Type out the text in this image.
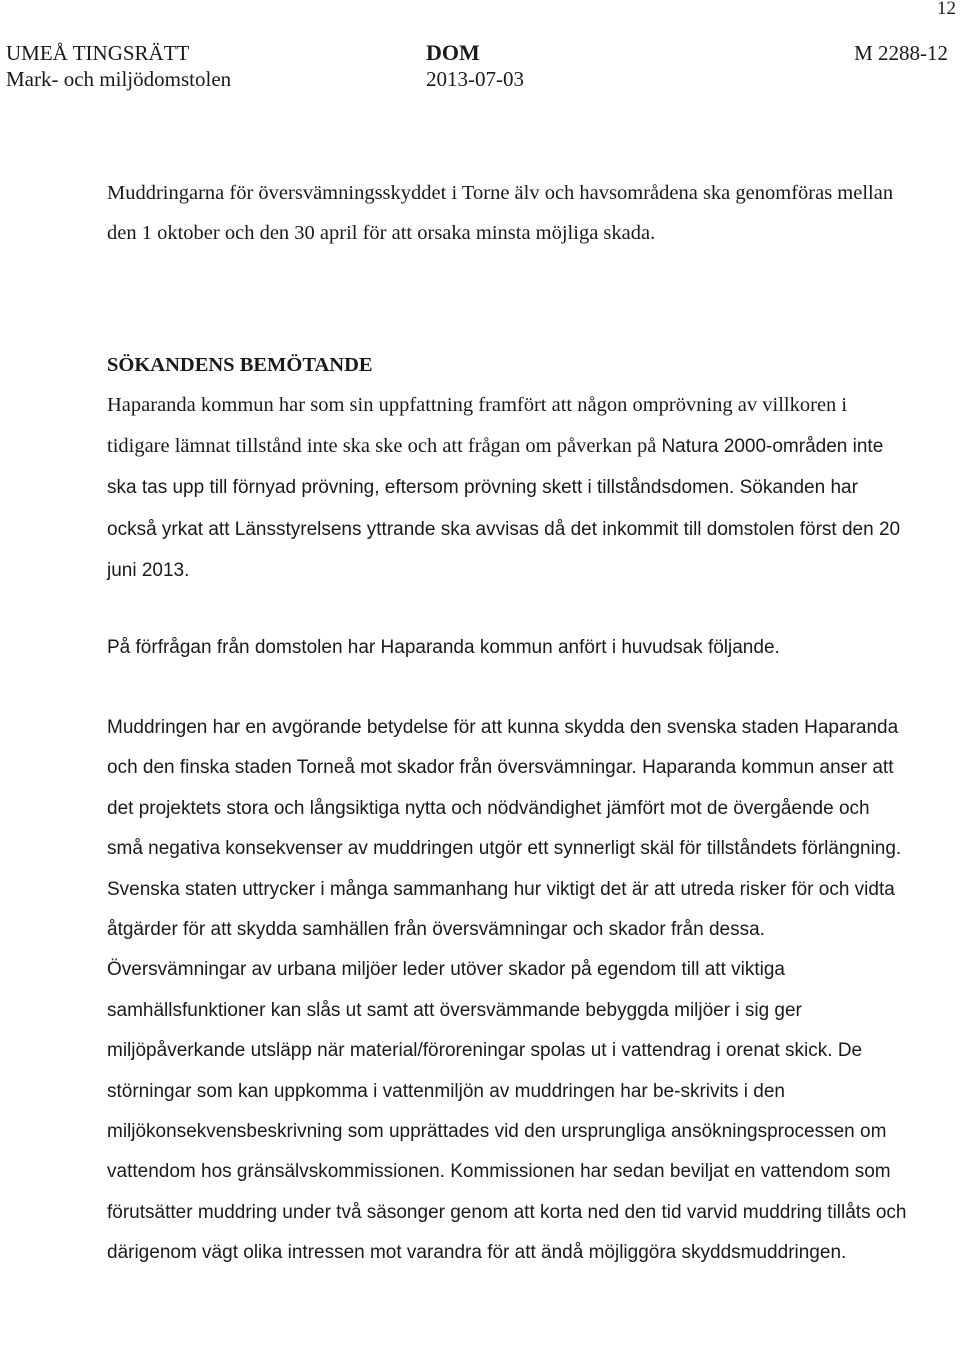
12
UMEÅ TINGSRÄTT
Mark- och miljödomstolen
DOM
2013-07-03
M 2288-12

Muddringarna för översvämningsskyddet i Torne älv och havsområdena ska genomföras mellan den 1 oktober och den 30 april för att orsaka minsta möjliga skada.

SÖKANDENS BEMÖTANDE

Haparanda kommun har som sin uppfattning framfört att någon omprövning av villkoren i tidigare lämnat tillstånd inte ska ske och att frågan om påverkan på Natura 2000-områden inte ska tas upp till förnyad prövning, eftersom prövning skett i tillståndsdomen. Sökanden har också yrkat att Länsstyrelsens yttrande ska avvisas då det inkommit till domstolen först den 20 juni 2013.

På förfrågan från domstolen har Haparanda kommun anfört i huvudsak följande.

Muddringen har en avgörande betydelse för att kunna skydda den svenska staden Haparanda och den finska staden Torneå mot skador från översvämningar. Haparanda kommun anser att det projektets stora och långsiktiga nytta och nödvändighet jämfört mot de övergående och små negativa konsekvenser av muddringen utgör ett synnerligt skäl för tillståndets förlängning. Svenska staten uttrycker i många sammanhang hur viktigt det är att utreda risker för och vidta åtgärder för att skydda samhällen från översvämningar och skador från dessa. Översvämningar av urbana miljöer leder utöver skador på egendom till att viktiga samhällsfunktioner kan slås ut samt att översvämmande bebyggda miljöer i sig ger miljöpåverkande utsläpp när material/föroreningar spolas ut i vattendrag i orenat skick. De störningar som kan uppkomma i vattenmiljön av muddringen har be-skrivits i den miljökonsekvensbeskrivning som upprättades vid den ursprungliga ansökningsprocessen om vattendom hos gränsälvskommissionen. Kommissionen har sedan beviljat en vattendom som förutsätter muddring under två säsonger genom att korta ned den tid varvid muddring tillåts och därigenom vägt olika intressen mot varandra för att ändå möjliggöra skyddsmuddringen.
